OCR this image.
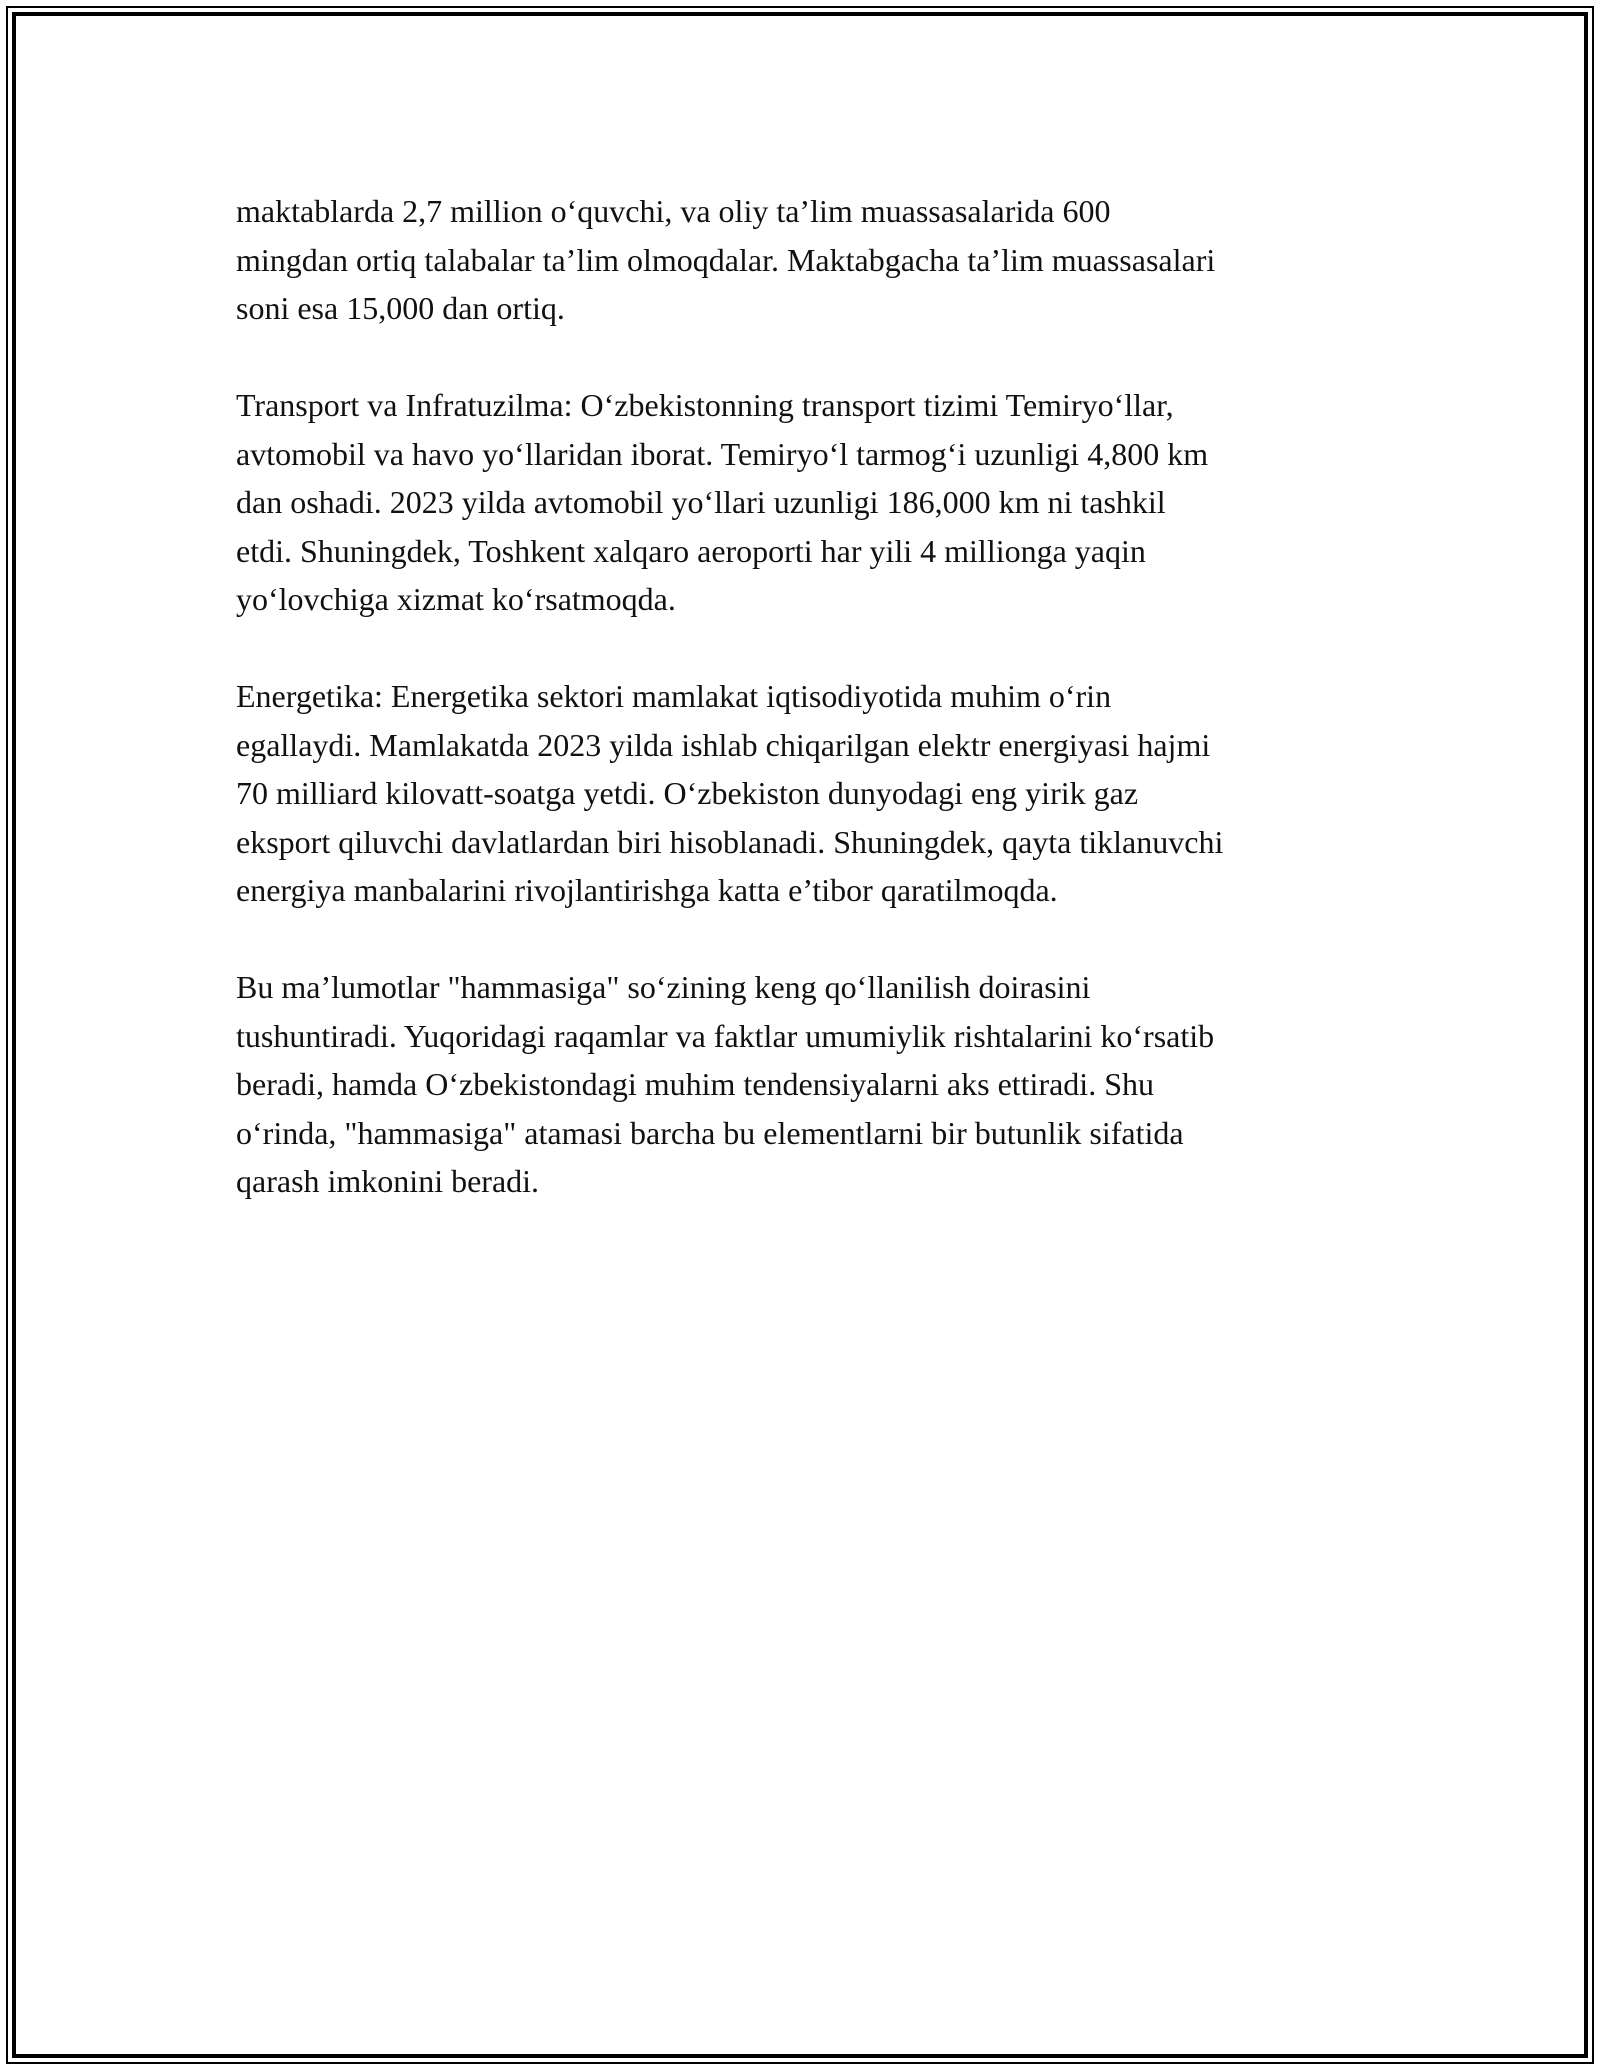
maktablarda 2,7 million o‘quvchi, va oliy ta’lim muassasalarida 600
mingdan ortiq talabalar ta’lim olmoqdalar. Maktabgacha ta’lim muassasalari
soni esa 15,000 dan ortiq.

Transport va Infratuzilma: O‘zbekistonning transport tizimi Temiryo‘llar,
avtomobil va havo yo‘llaridan iborat. Temiryo‘l tarmog‘i uzunligi 4,800 km
dan oshadi. 2023 yilda avtomobil yo‘llari uzunligi 186,000 km ni tashkil
etdi. Shuningdek, Toshkent xalqaro aeroporti har yili 4 millionga yaqin
yo‘lovchiga xizmat ko‘rsatmoqda.

Energetika: Energetika sektori mamlakat iqtisodiyotida muhim o‘rin
egallaydi. Mamlakatda 2023 yilda ishlab chiqarilgan elektr energiyasi hajmi
70 milliard kilovatt-soatga yetdi. O‘zbekiston dunyodagi eng yirik gaz
eksport qiluvchi davlatlardan biri hisoblanadi. Shuningdek, qayta tiklanuvchi
energiya manbalarini rivojlantirishga katta e’tibor qaratilmoqda.

Bu ma’lumotlar "hammasiga" so‘zining keng qo‘llanilish doirasini
tushuntiradi. Yuqoridagi raqamlar va faktlar umumiylik rishtalarini ko‘rsatib
beradi, hamda O‘zbekistondagi muhim tendensiyalarni aks ettiradi. Shu
o‘rinda, "hammasiga" atamasi barcha bu elementlarni bir butunlik sifatida
qarash imkonini beradi.
